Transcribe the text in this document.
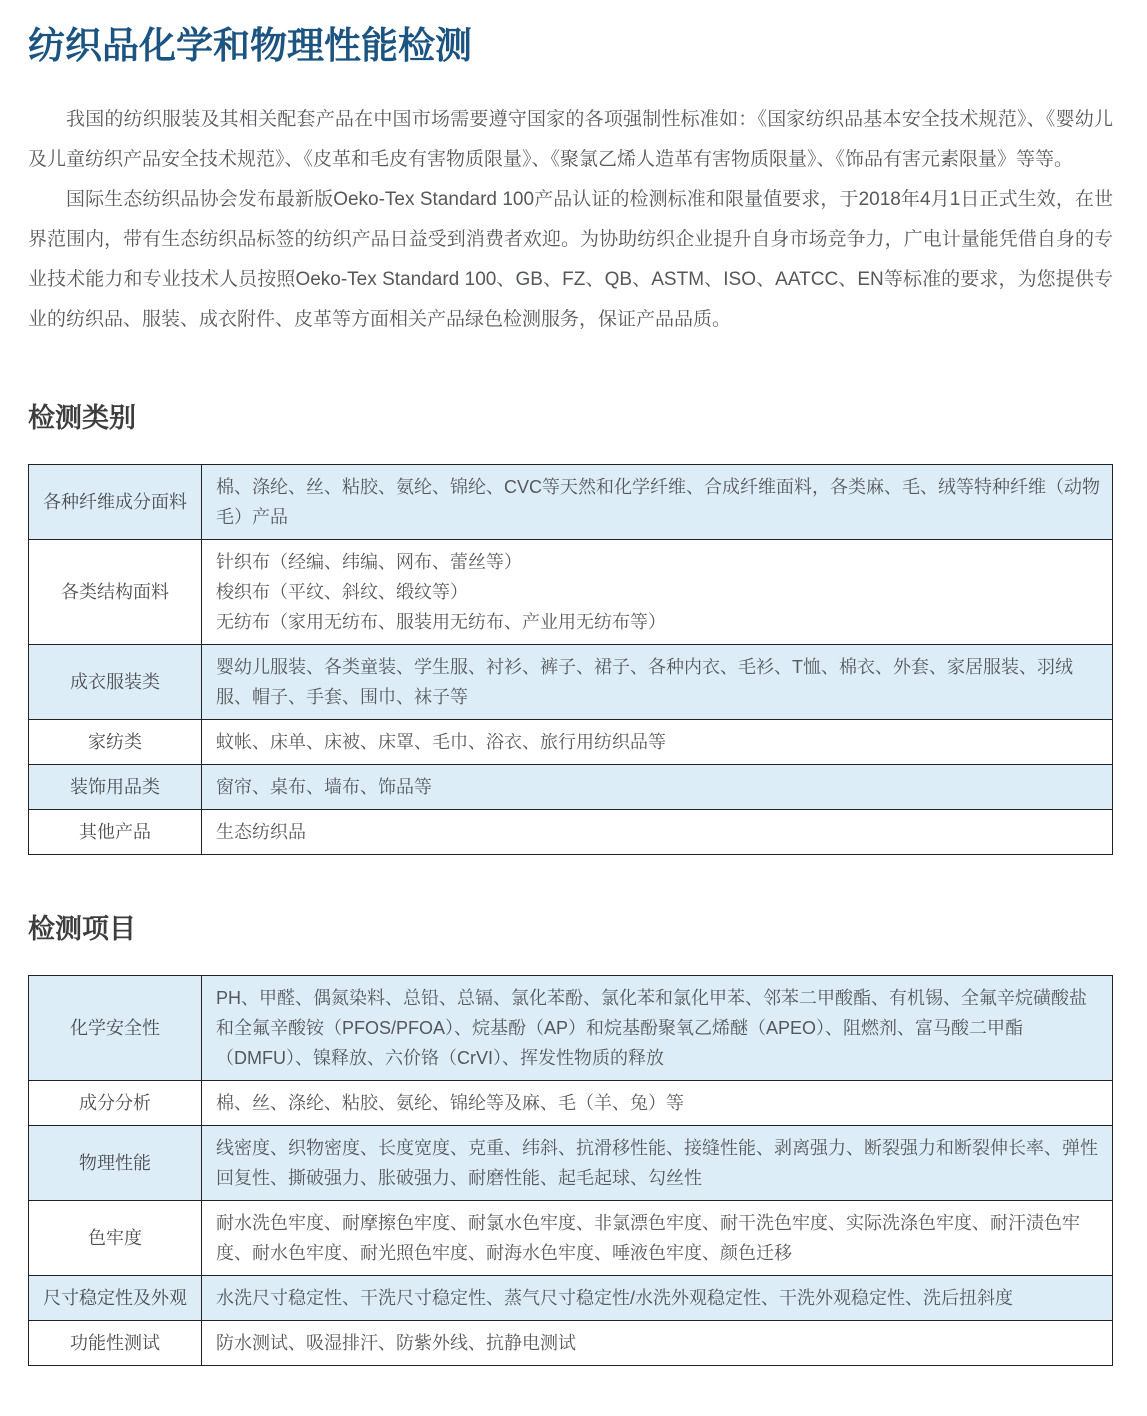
纺织品化学和物理性能检测

我国的纺织服装及其相关配套产品在中国市场需要遵守国家的各项强制性标准如：《国家纺织品基本安全技术规范》、《婴幼儿及儿童纺织产品安全技术规范》、《皮革和毛皮有害物质限量》、《聚氯乙烯人造革有害物质限量》、《饰品有害元素限量》等等。

国际生态纺织品协会发布最新版Oeko-Tex Standard 100产品认证的检测标准和限量值要求，于2018年4月1日正式生效，在世界范围内，带有生态纺织品标签的纺织产品日益受到消费者欢迎。为协助纺织企业提升自身市场竞争力，广电计量能凭借自身的专业技术能力和专业技术人员按照Oeko-Tex Standard 100、GB、FZ、QB、ASTM、ISO、AATCC、EN等标准的要求，为您提供专业的纺织品、服装、成衣附件、皮革等方面相关产品绿色检测服务，保证产品品质。

检测类别
各种纤维成分面料	棉、涤纶、丝、粘胶、氨纶、锦纶、CVC等天然和化学纤维、合成纤维面料，各类麻、毛、绒等特种纤维（动物毛）产品

各类结构面料	针织布（经编、纬编、网布、蕾丝等）
梭织布（平纹、斜纹、缎纹等）
无纺布（家用无纺布、服装用无纺布、产业用无纺布等）

成衣服装类	婴幼儿服装、各类童装、学生服、衬衫、裤子、裙子、各种内衣、毛衫、T恤、棉衣、外套、家居服装、羽绒服、帽子、手套、围巾、袜子等

家纺类	蚊帐、床单、床被、床罩、毛巾、浴衣、旅行用纺织品等

装饰用品类	窗帘、桌布、墙布、饰品等

其他产品	生态纺织品
检测项目
化学安全性	PH、甲醛、偶氮染料、总铅、总镉、氯化苯酚、氯化苯和氯化甲苯、邻苯二甲酸酯、有机锡、全氟辛烷磺酸盐和全氟辛酸铵（PFOS/PFOA）、烷基酚（AP）和烷基酚聚氧乙烯醚（APEO）、阻燃剂、富马酸二甲酯（DMFU）、镍释放、六价铬（CrVI）、挥发性物质的释放

成分分析	棉、丝、涤纶、粘胶、氨纶、锦纶等及麻、毛（羊、兔）等

物理性能	线密度、织物密度、长度宽度、克重、纬斜、抗滑移性能、接缝性能、剥离强力、断裂强力和断裂伸长率、弹性回复性、撕破强力、胀破强力、耐磨性能、起毛起球、勾丝性

色牢度	耐水洗色牢度、耐摩擦色牢度、耐氯水色牢度、非氯漂色牢度、耐干洗色牢度、实际洗涤色牢度、耐汗渍色牢度、耐水色牢度、耐光照色牢度、耐海水色牢度、唾液色牢度、颜色迁移

尺寸稳定性及外观	水洗尺寸稳定性、干洗尺寸稳定性、蒸气尺寸稳定性/水洗外观稳定性、干洗外观稳定性、洗后扭斜度

功能性测试	防水测试、吸湿排汗、防紫外线、抗静电测试
